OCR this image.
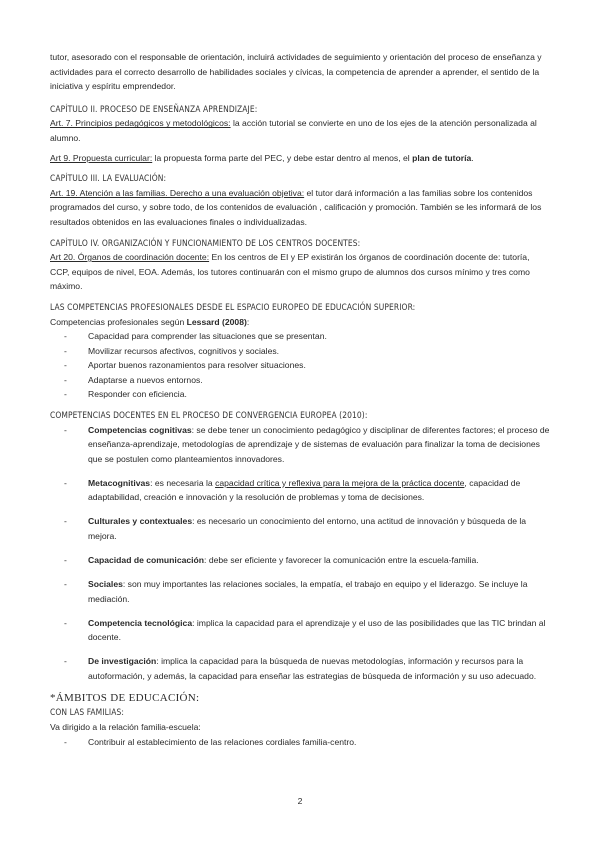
tutor, asesorado con el responsable de orientación, incluirá actividades de seguimiento y orientación del proceso de enseñanza y actividades para el correcto desarrollo de habilidades sociales y cívicas, la competencia de aprender a aprender, el sentido de la iniciativa y espíritu emprendedor.

CAPÍTULO II. PROCESO DE ENSEÑANZA APRENDIZAJE:

Art. 7. Principios pedagógicos y metodológicos: la acción tutorial se convierte en uno de los ejes de la atención personalizada al alumno.

Art 9. Propuesta curricular: la propuesta forma parte del PEC, y debe estar dentro al menos, el plan de tutoría.

CAPÍTULO III. LA EVALUACIÓN:

Art. 19. Atención a las familias. Derecho a una evaluación objetiva: el tutor dará información a las familias sobre los contenidos programados del curso, y sobre todo, de los contenidos de evaluación , calificación y promoción. También se les informará de los resultados obtenidos en las evaluaciones finales o individualizadas.

CAPÍTULO IV. ORGANIZACIÓN Y FUNCIONAMIENTO DE LOS CENTROS DOCENTES:

Art 20. Órganos de coordinación docente: En los centros de EI y EP existirán los órganos de coordinación docente de: tutoría, CCP, equipos de nivel, EOA. Además, los tutores continuarán con el mismo grupo de alumnos dos cursos mínimo y tres como máximo.

LAS COMPETENCIAS PROFESIONALES DESDE EL ESPACIO EUROPEO DE EDUCACIÓN SUPERIOR:

Competencias profesionales según Lessard (2008):

- Capacidad para comprender las situaciones que se presentan.
- Movilizar recursos afectivos, cognitivos y sociales.
- Aportar buenos razonamientos para resolver situaciones.
- Adaptarse a nuevos entornos.
- Responder con eficiencia.

COMPETENCIAS DOCENTES EN EL PROCESO DE CONVERGENCIA EUROPEA (2010):

- Competencias cognitivas: se debe tener un conocimiento pedagógico y disciplinar de diferentes factores; el proceso de enseñanza-aprendizaje, metodologías de aprendizaje y de sistemas de evaluación para finalizar la toma de decisiones que se postulen como planteamientos innovadores.
- Metacognitivas: es necesaria la capacidad crítica y reflexiva para la mejora de la práctica docente, capacidad de adaptabilidad, creación e innovación y la resolución de problemas y toma de decisiones.
- Culturales y contextuales: es necesario un conocimiento del entorno, una actitud de innovación y búsqueda de la mejora.
- Capacidad de comunicación: debe ser eficiente y favorecer la comunicación entre la escuela-familia.
- Sociales: son muy importantes las relaciones sociales, la empatía, el trabajo en equipo y el liderazgo. Se incluye la mediación.
- Competencia tecnológica: implica la capacidad para el aprendizaje y el uso de las posibilidades que las TIC brindan al docente.
- De investigación: implica la capacidad para la búsqueda de nuevas metodologías, información y recursos para la autoformación, y además, la capacidad para enseñar las estrategias de búsqueda de información y su uso adecuado.

*ÁMBITOS DE EDUCACIÓN:

CON LAS FAMILIAS:

Va dirigido a la relación familia-escuela:

- Contribuir al establecimiento de las relaciones cordiales familia-centro.
2
